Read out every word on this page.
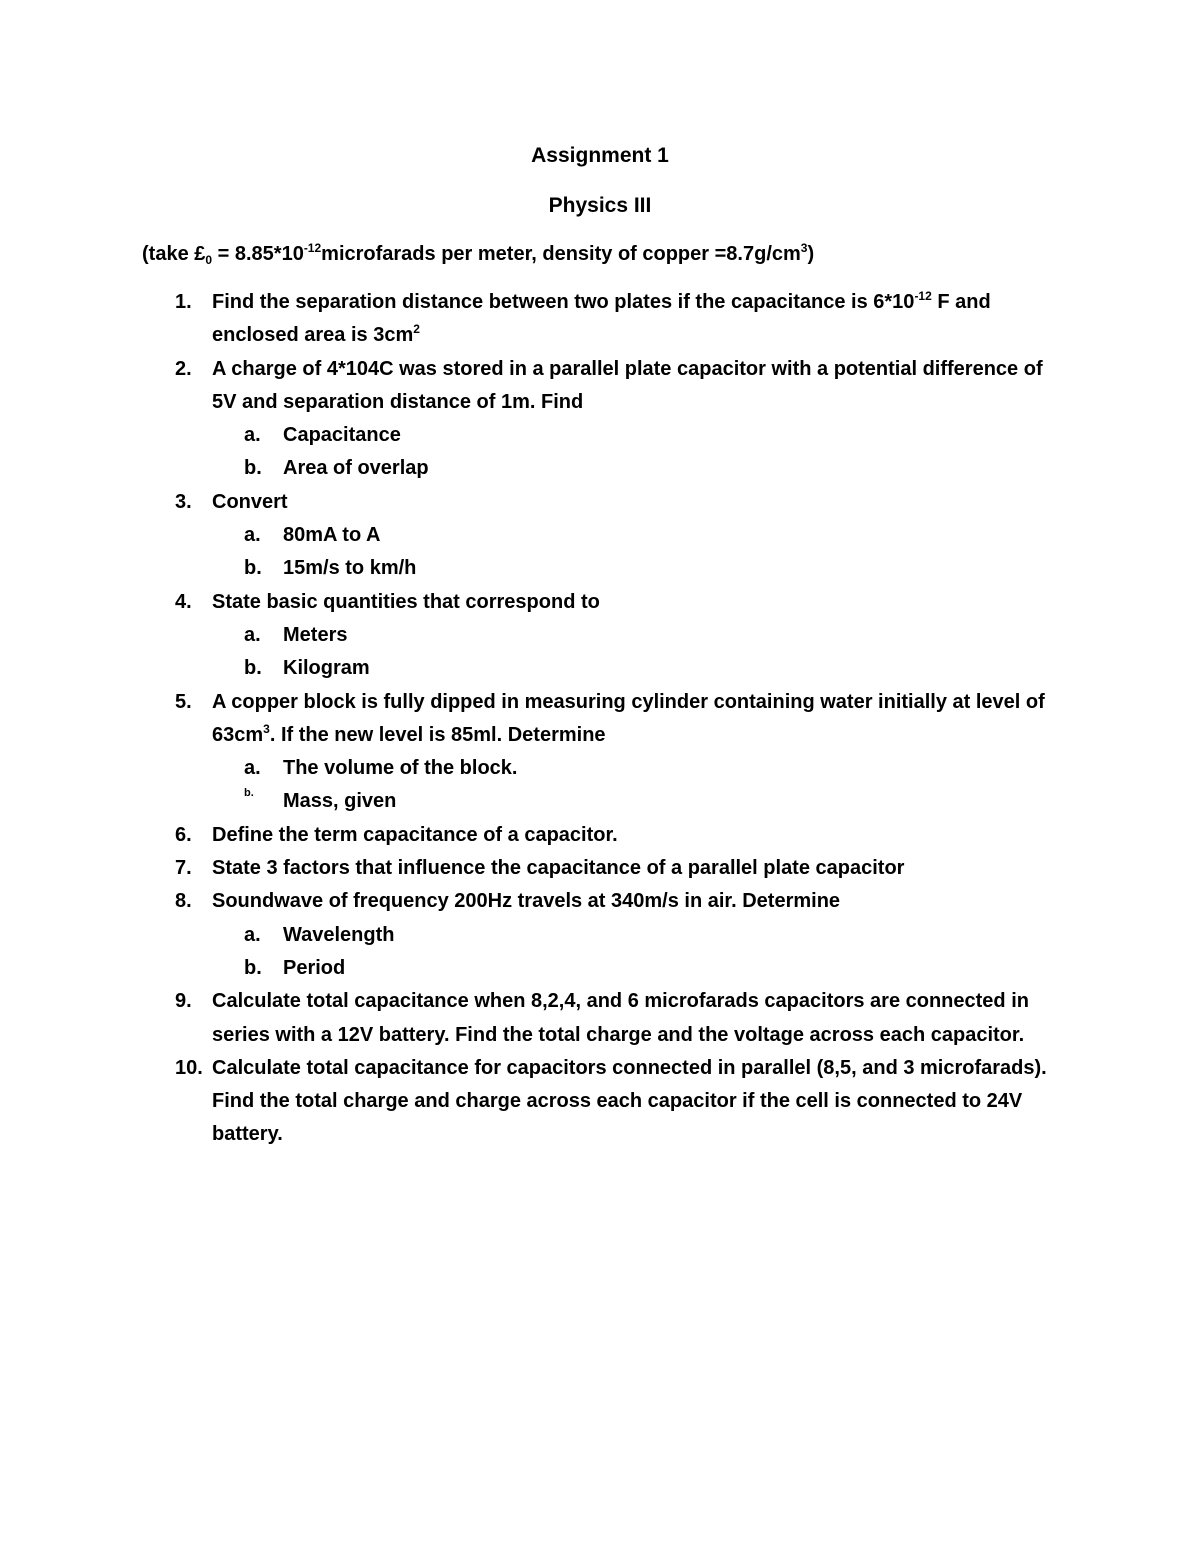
Assignment 1
Physics III
(take $£_0$ = $8.85*10^{-12}microfarads$ per meter, density of copper $=8.7g/cm^3$)
1. Find the separation distance between two plates if the capacitance is $6*10^{-12}$ F and enclosed area is $3cm^2$
2. A charge of 4*104C was stored in a parallel plate capacitor with a potential difference of 5V and separation distance of 1m. Find
a. Capacitance
b. Area of overlap
3. Convert
a. 80mA to A
b. 15m/s to km/h
4. State basic quantities that correspond to
a. Meters
b. Kilogram
5. A copper block is fully dipped in measuring cylinder containing water initially at level of $63cm^3$. If the new level is 85ml. Determine
a. The volume of the block.
b. Mass, given
6. Define the term capacitance of a capacitor.
7. State 3 factors that influence the capacitance of a parallel plate capacitor
8. Soundwave of frequency 200Hz travels at 340m/s in air. Determine
a. Wavelength
b. Period
9. Calculate total capacitance when 8,2,4, and 6 microfarads capacitors are connected in series with a 12V battery. Find the total charge and the voltage across each capacitor.
10. Calculate total capacitance for capacitors connected in parallel (8,5, and 3 microfarads). Find the total charge and charge across each capacitor if the cell is connected to 24V battery.
